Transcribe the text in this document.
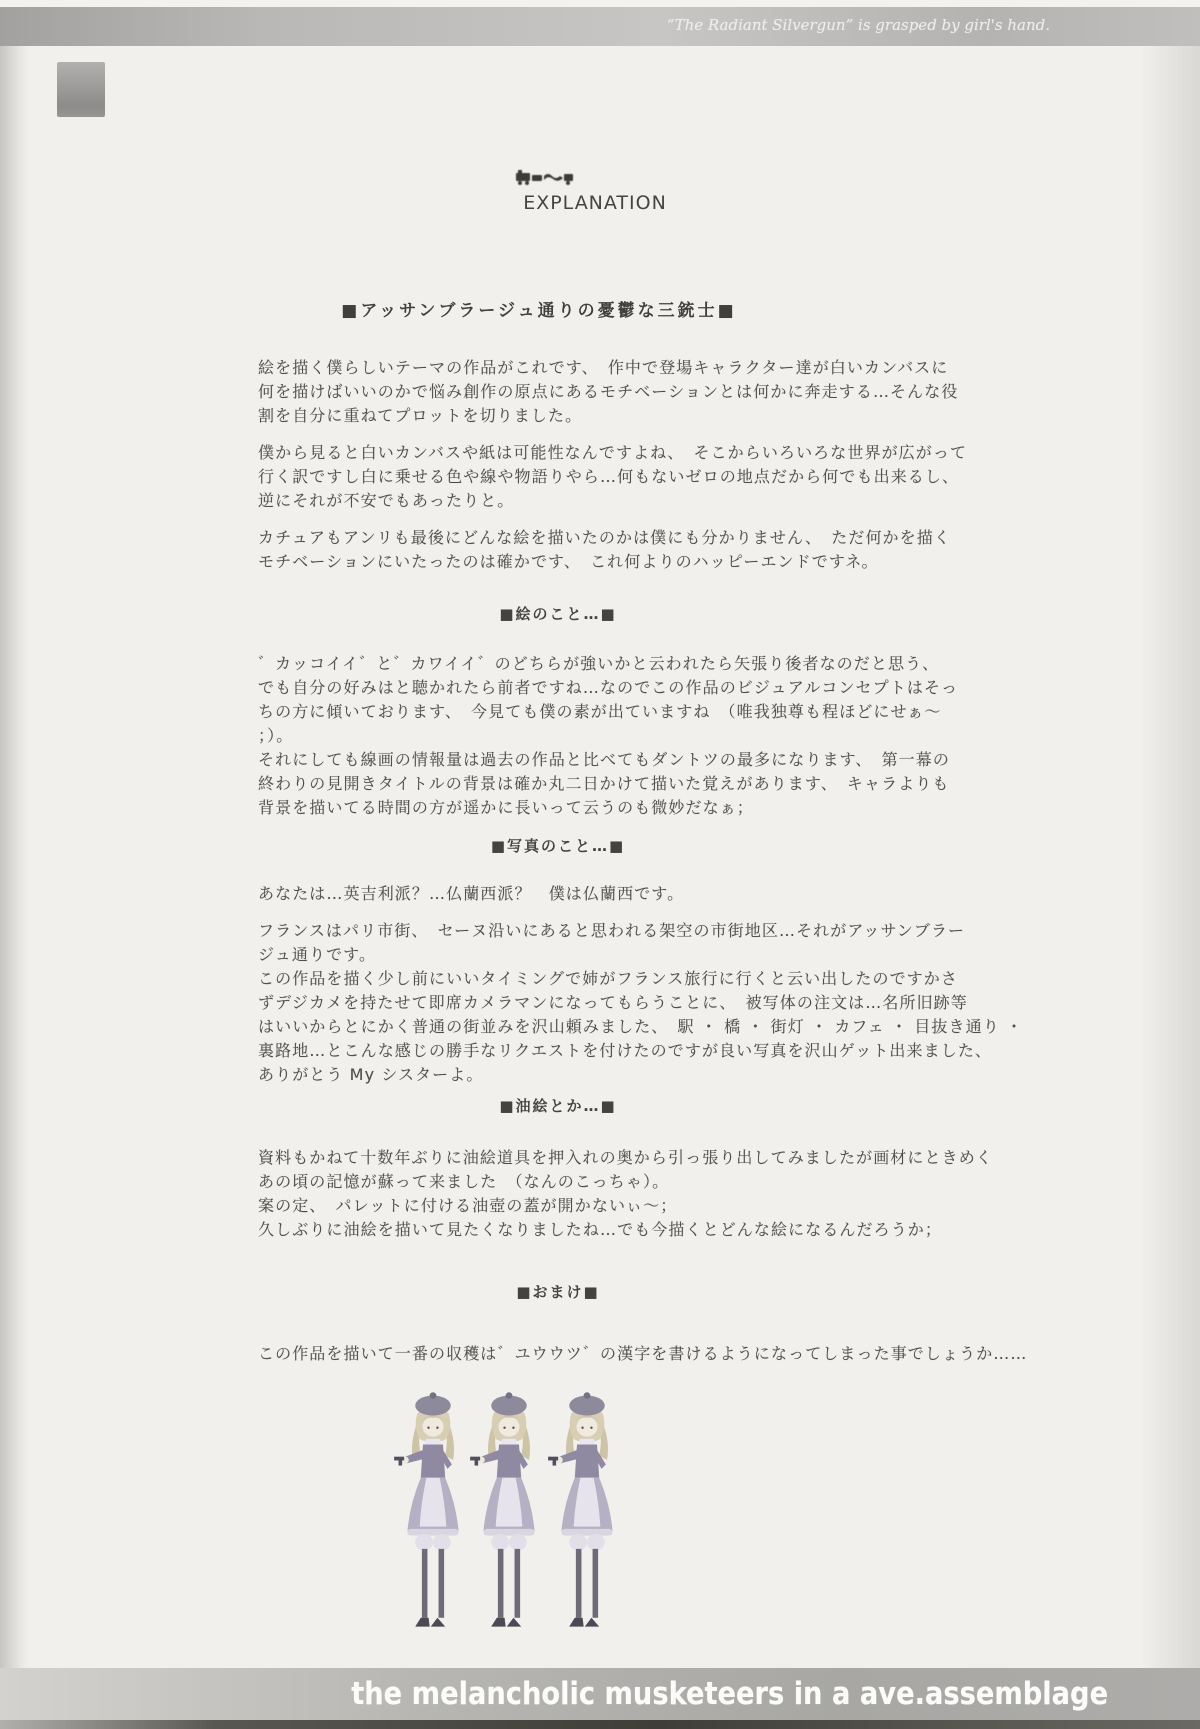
“The Radiant Silvergun” is grasped by girl's hand.
EXPLANATION
■アッサンブラージュ通りの憂鬱な三銃士■
絵を描く僕らしいテーマの作品がこれです、　作中で登場キャラクター達が白いカンバスに
何を描けばいいのかで悩み創作の原点にあるモチベーションとは何かに奔走する…そんな役
割を自分に重ねてプロットを切りました。
僕から見ると白いカンバスや紙は可能性なんですよね、　そこからいろいろな世界が広がって
行く訳ですし白に乗せる色や線や物語りやら…何もないゼロの地点だから何でも出来るし、
逆にそれが不安でもあったりと。
カチュアもアンリも最後にどんな絵を描いたのかは僕にも分かりません、　ただ何かを描く
モチベーションにいたったのは確かです、　これ何よりのハッピーエンドですネ。
■絵のこと…■
゛カッコイイ゛と゛カワイイ゛のどちらが強いかと云われたら矢張り後者なのだと思う、
でも自分の好みはと聴かれたら前者ですね…なのでこの作品のビジュアルコンセプトはそっ
ちの方に傾いております、　今見ても僕の素が出ていますね　（唯我独尊も程ほどにせぁ～
；）。
それにしても線画の情報量は過去の作品と比べてもダントツの最多になります、　第一幕の
終わりの見開きタイトルの背景は確か丸二日かけて描いた覚えがあります、　キャラよりも
背景を描いてる時間の方が遥かに長いって云うのも微妙だなぁ；
■写真のこと…■
あなたは…英吉利派？…仏蘭西派？　僕は仏蘭西です。
フランスはパリ市街、　セーヌ沿いにあると思われる架空の市街地区…それがアッサンブラー
ジュ通りです。
この作品を描く少し前にいいタイミングで姉がフランス旅行に行くと云い出したのですかさ
ずデジカメを持たせて即席カメラマンになってもらうことに、　被写体の注文は…名所旧跡等
はいいからとにかく普通の街並みを沢山頼みました、　駅 ・ 橋 ・ 街灯 ・ カフェ ・ 目抜き通り ・
裏路地…とこんな感じの勝手なリクエストを付けたのですが良い写真を沢山ゲット出来ました、
ありがとう My シスターよ。
■油絵とか…■
資料もかねて十数年ぶりに油絵道具を押入れの奥から引っ張り出してみましたが画材にときめく
あの頃の記憶が蘇って来ました　（なんのこっちゃ）。
案の定、　パレットに付ける油壺の蓋が開かないぃ～；
久しぶりに油絵を描いて見たくなりましたね…でも今描くとどんな絵になるんだろうか；
■おまけ■
この作品を描いて一番の収穫は゛ユウウツ゛の漢字を書けるようになってしまった事でしょうか……
the melancholic musketeers in a ave.assemblage
